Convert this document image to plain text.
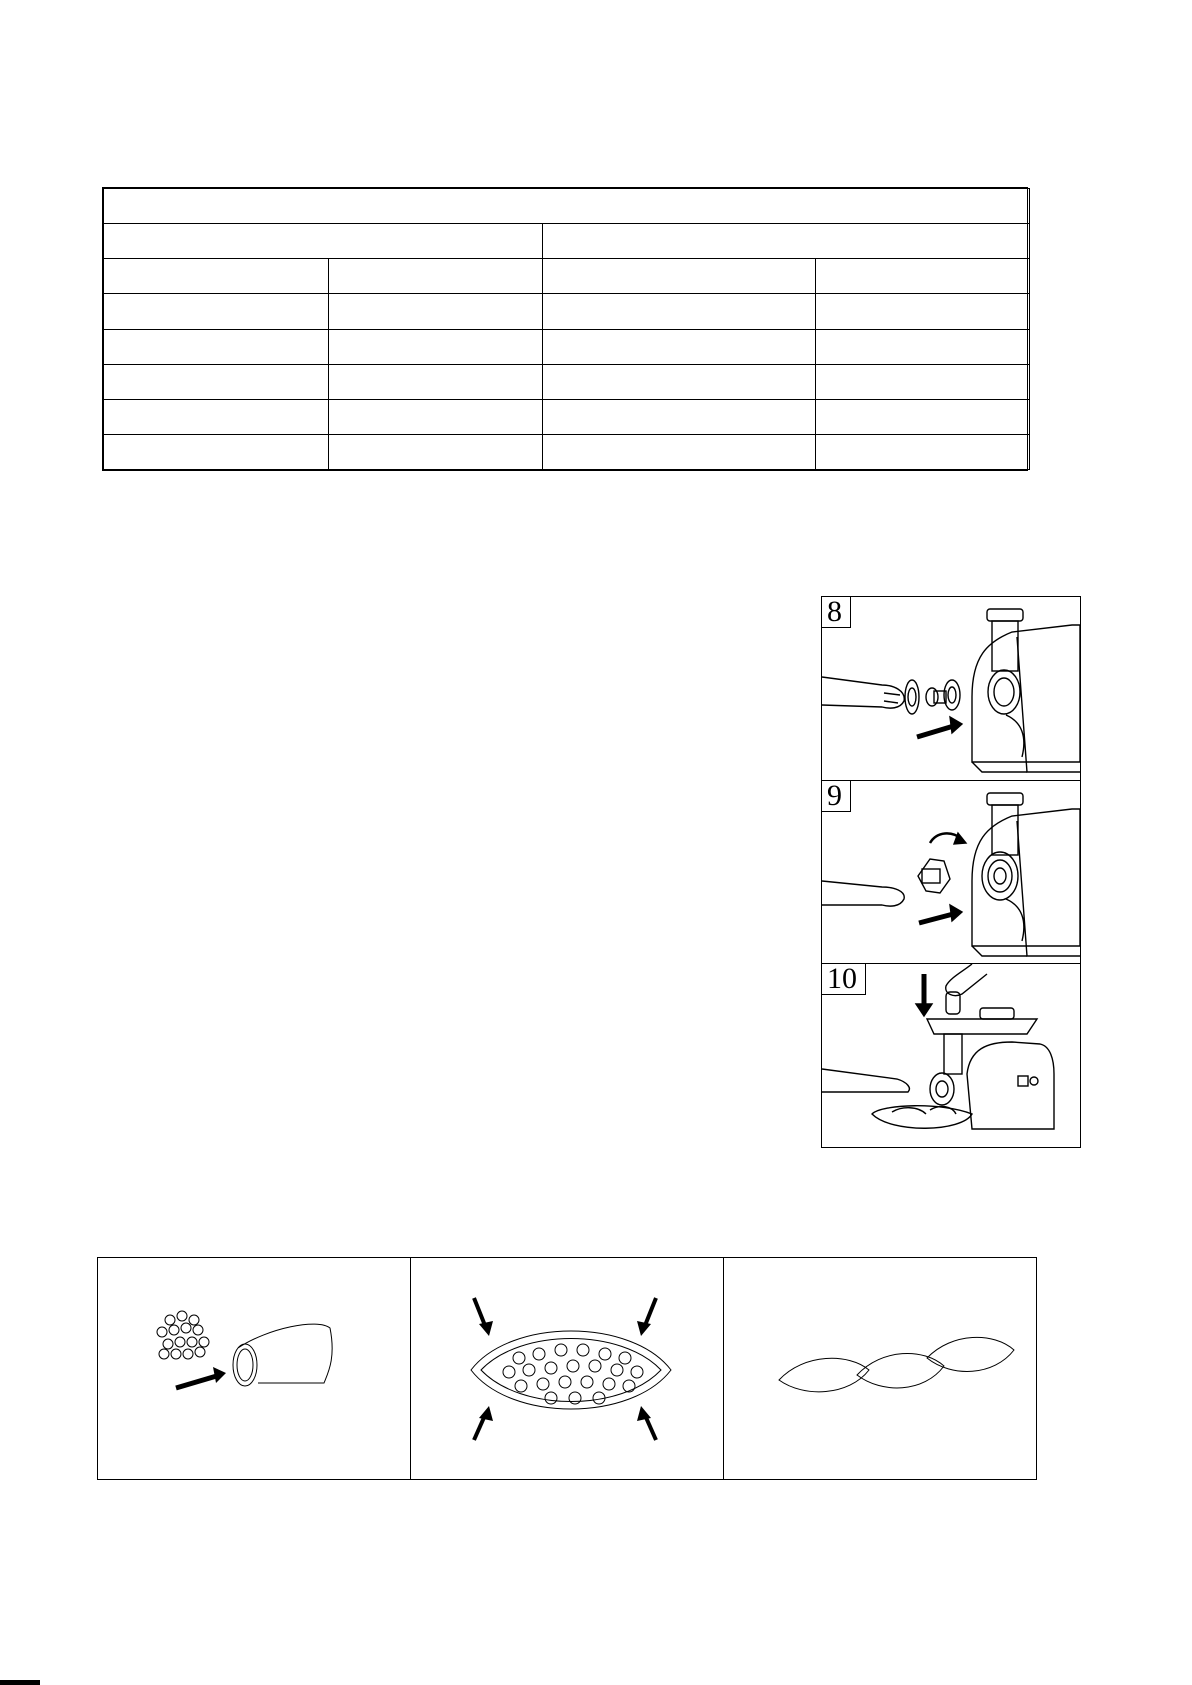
8
9
10
